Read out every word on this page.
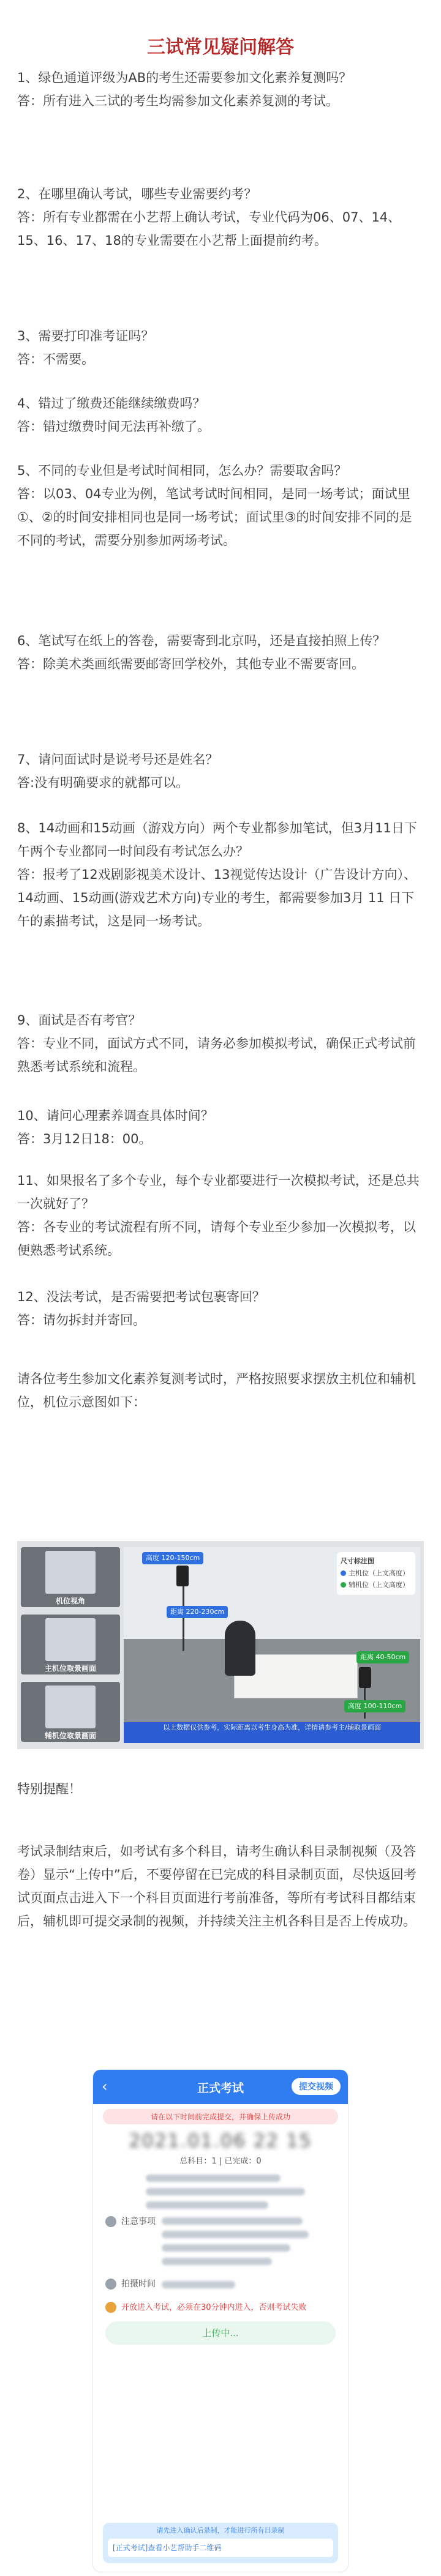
三试常见疑问解答

1、绿色通道评级为AB的考生还需要参加文化素养复测吗？

答：所有进入三试的考生均需参加文化素养复测的考试。

2、在哪里确认考试，哪些专业需要约考？

答：所有专业都需在小艺帮上确认考试，专业代码为06、07、14、15、16、17、18的专业需要在小艺帮上面提前约考。

3、需要打印准考证吗？

答：不需要。

4、错过了缴费还能继续缴费吗？

答：错过缴费时间无法再补缴了。

5、不同的专业但是考试时间相同，怎么办？需要取舍吗？

答：以03、04专业为例，笔试考试时间相同，是同一场考试；面试里①、②的时间安排相同也是同一场考试；面试里③的时间安排不同的是不同的考试，需要分别参加两场考试。

6、笔试写在纸上的答卷，需要寄到北京吗，还是直接拍照上传？

答：除美术类画纸需要邮寄回学校外，其他专业不需要寄回。

7、请问面试时是说考号还是姓名？

答:没有明确要求的就都可以。

8、14动画和15动画（游戏方向）两个专业都参加笔试，但3月11日下午两个专业都同一时间段有考试怎么办？

答：报考了12戏剧影视美术设计、13视觉传达设计（广告设计方向）、14动画、15动画(游戏艺术方向)专业的考生，都需要参加3月 11 日下午的素描考试，这是同一场考试。

9、面试是否有考官？

答：专业不同，面试方式不同，请务必参加模拟考试，确保正式考试前熟悉考试系统和流程。

10、请问心理素养调查具体时间？

答：3月12日18：00。

11、如果报名了多个专业，每个专业都要进行一次模拟考试，还是总共一次就好了？

答：各专业的考试流程有所不同，请每个专业至少参加一次模拟考，以便熟悉考试系统。

12、没法考试，是否需要把考试包裹寄回？

答：请勿拆封并寄回。

请各位考生参加文化素养复测考试时，严格按照要求摆放主机位和辅机位，机位示意图如下：
机位视角
主机位取景画面
辅机位取景画面
高度 120-150cm
距离 220-230cm
高度 100-110cm
距离 40-50cm
尺寸标注图
主机位（上文高度）
辅机位（上文高度）
以上数据仅供参考，实际距离以考生身高为准，详情请参考主/辅取景画面
特别提醒！
考试录制结束后，如考试有多个科目，请考生确认科目录制视频（及答卷）显示“上传中”后，不要停留在已完成的科目录制页面，尽快返回考试页面点击进入下一个科目页面进行考前准备，等所有考试科目都结束后，辅机即可提交录制的视频，并持续关注主机各科目是否上传成功。
‹	正式考试	提交视频
请在以下时间前完成提交，并确保上传成功
2021.01.06 22 15
总科目：1 | 已完成：0
注意事项
拍摄时间
开放进入考试，必须在30分钟内进入，否则考试失败
上传中...
请先进入确认后录制，才能进行所有目录制
[正式考试]查看小艺帮助手二维码
